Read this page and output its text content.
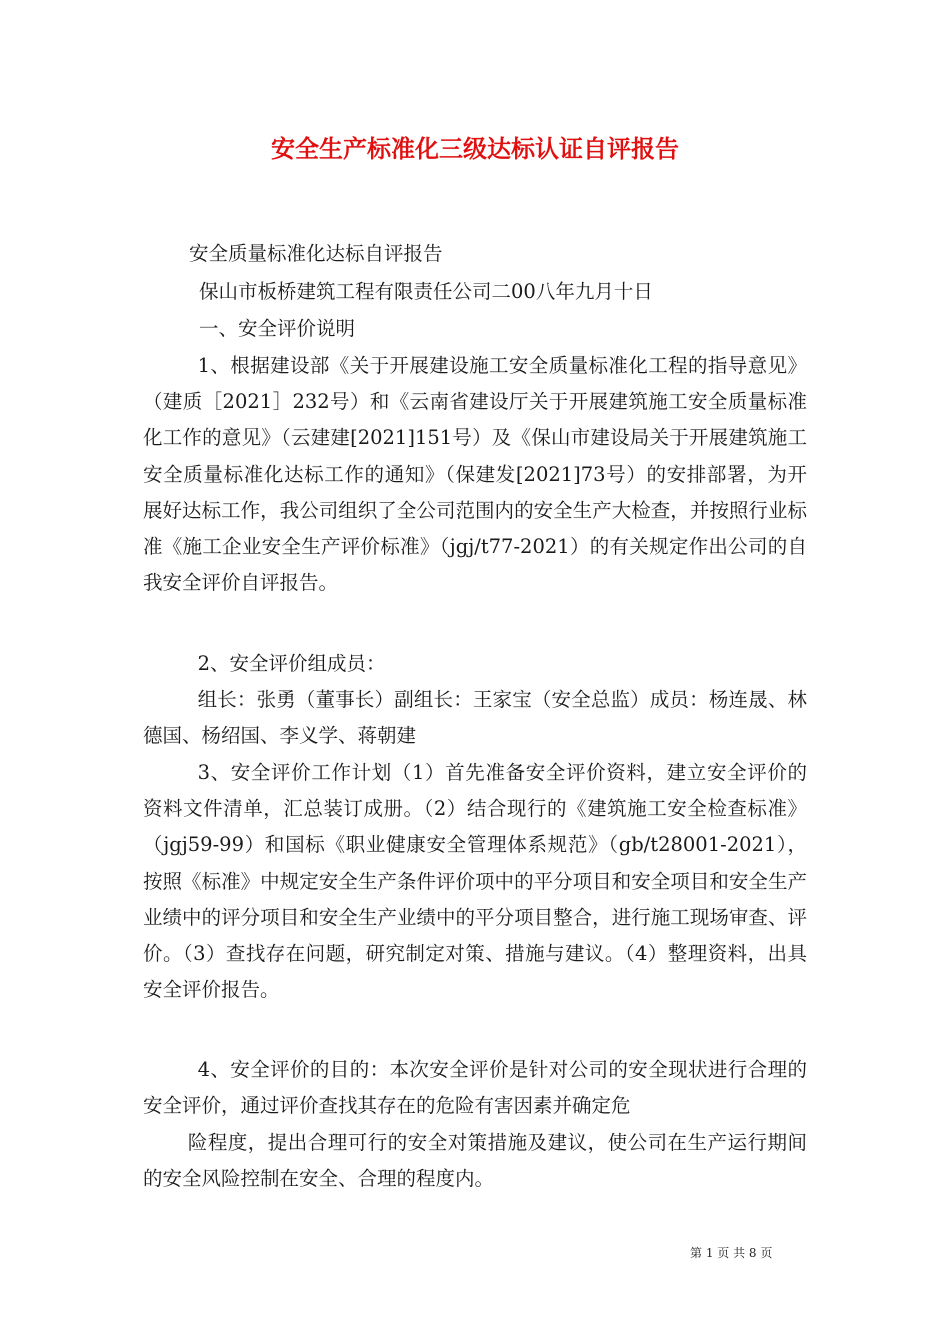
安全生产标准化三级达标认证自评报告
安全质量标准化达标自评报告
保山市板桥建筑工程有限责任公司二00八年九月十日
一、安全评价说明
1、根据建设部《关于开展建设施工安全质量标准化工程的指导意见》（建质［2021］232号）和《云南省建设厅关于开展建筑施工安全质量标准化工作的意见》（云建建[2021]151号）及《保山市建设局关于开展建筑施工安全质量标准化达标工作的通知》（保建发[2021]73号）的安排部署，为开展好达标工作，我公司组织了全公司范围内的安全生产大检查，并按照行业标准《施工企业安全生产评价标准》（jgj/t77-2021）的有关规定作出公司的自我安全评价自评报告。
2、安全评价组成员：
组长：张勇（董事长）副组长：王家宝（安全总监）成员：杨连晟、林德国、杨绍国、李义学、蒋朝建
3、安全评价工作计划（1）首先准备安全评价资料，建立安全评价的资料文件清单，汇总装订成册。（2）结合现行的《建筑施工安全检查标准》（jgj59-99）和国标《职业健康安全管理体系规范》（gb/t28001-2021），按照《标准》中规定安全生产条件评价项中的平分项目和安全项目和安全生产业绩中的评分项目和安全生产业绩中的平分项目整合，进行施工现场审查、评价。（3）查找存在问题，研究制定对策、措施与建议。（4）整理资料，出具安全评价报告。
4、安全评价的目的：本次安全评价是针对公司的安全现状进行合理的安全评价，通过评价查找其存在的危险有害因素并确定危
险程度，提出合理可行的安全对策措施及建议，使公司在生产运行期间的安全风险控制在安全、合理的程度内。
第 1 页 共 8 页
